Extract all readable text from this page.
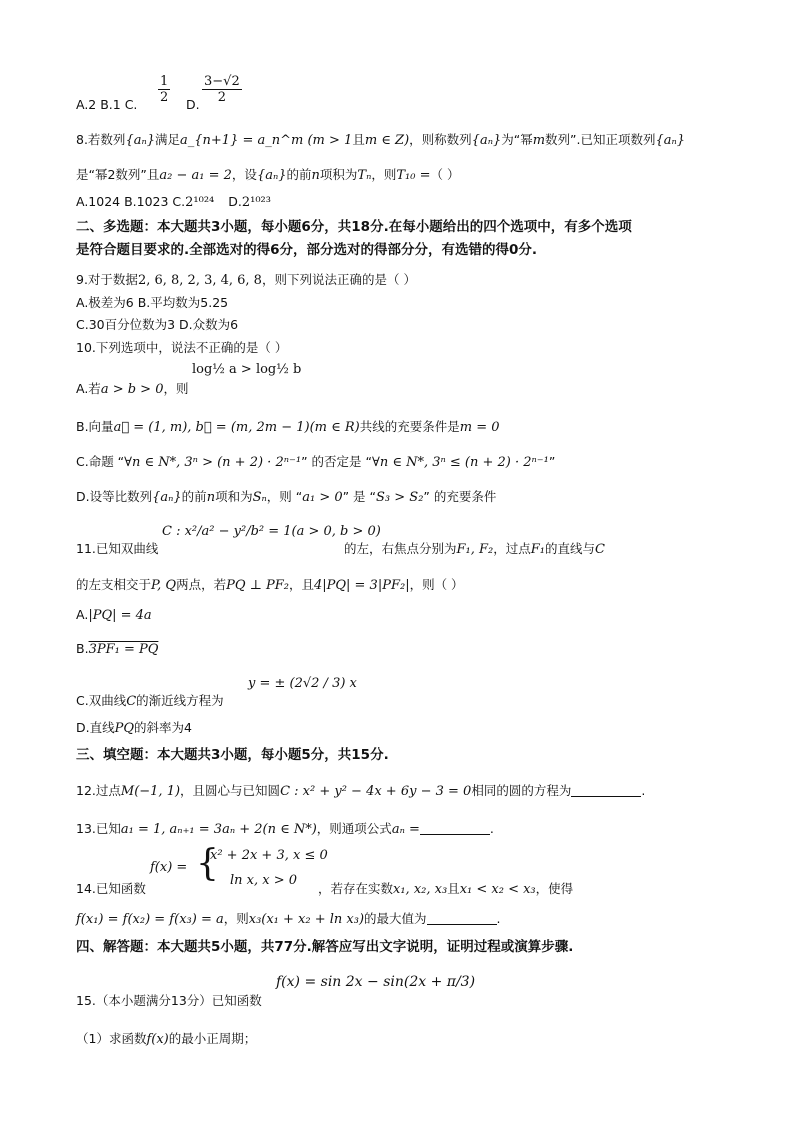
A.2 B.1 C. $\frac{1}{2} D$. $\frac{3-√2}{2}$
8.若数列{aₙ}满足a_{n+1} = a_n^m (m > 1且m ∈ Z)，则称数列{aₙ}为“幂m数列”.已知正项数列{aₙ}
是“幂2数列”且a₂ − a₁ = 2，设{aₙ}的前n项积为Tₙ，则T₁₀ =（ ）
A.1024 B.1023 C.2¹⁰²⁴ D.2¹⁰²³
二、多选题：本大题共3小题，每小题6分，共18分.在每小题给出的四个选项中，有多个选项
是符合题目要求的.全部选对的得6分，部分选对的得部分分，有选错的得0分.
9.对于数据2, 6, 8, 2, 3, 4, 6, 8，则下列说法正确的是（ ）
A.极差为6 B.平均数为5.25
C.30百分位数为3 D.众数为6
10.下列选项中，说法不正确的是（ ）
A.若a > b > 0，则
log½ a > log½ b
B.向量a⃗ = (1, m), b⃗ = (m, 2m − 1)(m ∈ R)共线的充要条件是m = 0
C.命题 “∀n ∈ N*, 3ⁿ > (n + 2) · 2ⁿ⁻¹” 的否定是 “∀n ∈ N*, 3ⁿ ≤ (n + 2) · 2ⁿ⁻¹”
D.设等比数列{aₙ}的前n项和为Sₙ，则 “a₁ > 0” 是 “S₃ > S₂” 的充要条件
11.已知双曲线
C : x²/a² − y²/b² = 1(a > 0, b > 0)
的左，右焦点分别为F₁, F₂，过点F₁的直线与C
的左支相交于P, Q两点，若PQ ⊥ PF₂，且4|PQ| = 3|PF₂|，则（ ）
A.|PQ| = 4a
B.3PF₁ = PQ
C.双曲线C的渐近线方程为
y = ± (2√2 / 3) x
D.直线PQ的斜率为4
三、填空题：本大题共3小题，每小题5分，共15分.
12.过点M(−1, 1)，且圆心与已知圆C : x² + y² − 4x + 6y − 3 = 0相同的圆的方程为	.
13.已知a₁ = 1, aₙ₊₁ = 3aₙ + 2(n ∈ N*)，则通项公式aₙ =	.
f(x) = {
x² + 2x + 3, x ≤ 0
ln x, x > 0
14.已知函数	，若存在实数x₁, x₂, x₃且x₁ < x₂ < x₃，使得
f(x₁) = f(x₂) = f(x₃) = a，则x₃(x₁ + x₂ + ln x₃)的最大值为	.
四、解答题：本大题共5小题，共77分.解答应写出文字说明，证明过程或演算步骤.
15.（本小题满分13分）已知函数
f(x) = sin 2x − sin(2x + π/3)
（1）求函数f(x)的最小正周期；
